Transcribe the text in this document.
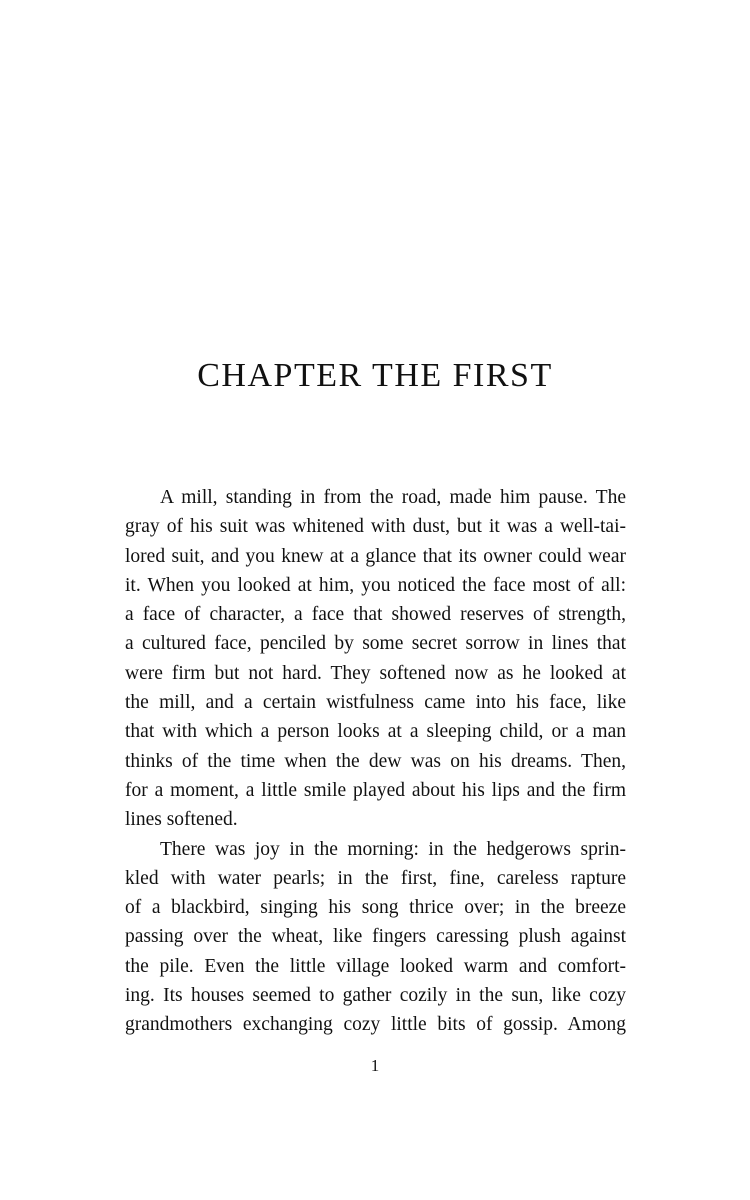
CHAPTER THE FIRST
A mill, standing in from the road, made him pause. The
gray of his suit was whitened with dust, but it was a well-tai-
lored suit, and you knew at a glance that its owner could wear
it. When you looked at him, you noticed the face most of all:
a face of character, a face that showed reserves of strength,
a cultured face, penciled by some secret sorrow in lines that
were firm but not hard. They softened now as he looked at
the mill, and a certain wistfulness came into his face, like
that with which a person looks at a sleeping child, or a man
thinks of the time when the dew was on his dreams. Then,
for a moment, a little smile played about his lips and the firm
lines softened.
There was joy in the morning: in the hedgerows sprin-
kled with water pearls; in the first, fine, careless rapture
of a blackbird, singing his song thrice over; in the breeze
passing over the wheat, like fingers caressing plush against
the pile. Even the little village looked warm and comfort-
ing. Its houses seemed to gather cozily in the sun, like cozy
grandmothers exchanging cozy little bits of gossip. Among
1
